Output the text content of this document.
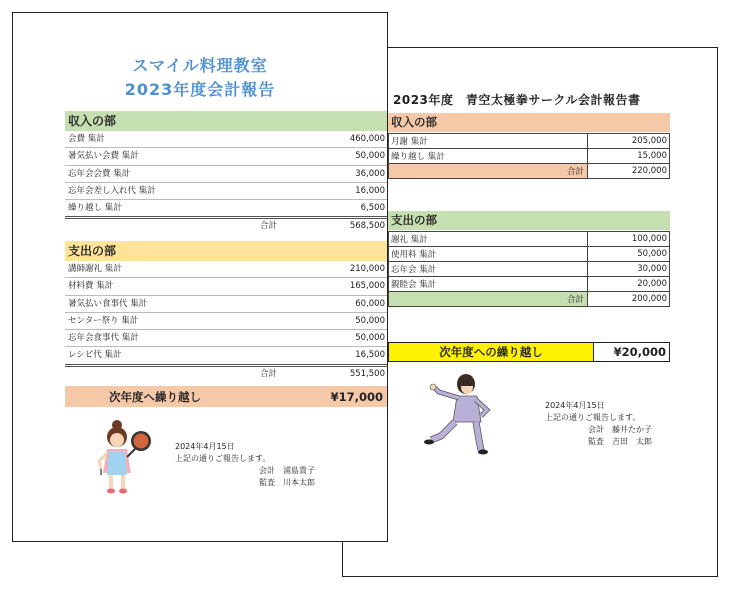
2023年度　青空太極拳サークル会計報告書
収入の部
月謝 集計	205,000
繰り越し 集計	15,000
合計	220,000
支出の部
謝礼 集計	100,000
使用料 集計	50,000
忘年会 集計	30,000
親睦会 集計	20,000
合計	200,000
次年度への繰り越し	¥20,000
2024年4月15日
上記の通りご報告します。
会計　藤井たか子
監査　吉田　太郎
スマイル料理教室
2023年度会計報告
収入の部
会費 集計	460,000
暑気払い会費 集計	50,000
忘年会会費 集計	36,000
忘年会差し入れ代 集計	16,000
繰り越し 集計	6,500
合計	568,500
支出の部
講師謝礼 集計	210,000
材料費 集計	165,000
暑気払い食事代 集計	60,000
センター祭り 集計	50,000
忘年会食事代 集計	50,000
レシピ代 集計	16,500
合計	551,500
次年度へ繰り越し	¥17,000
2024年4月15日
上記の通りご報告します。
会計　浦島貴子
監査　川本太郎
